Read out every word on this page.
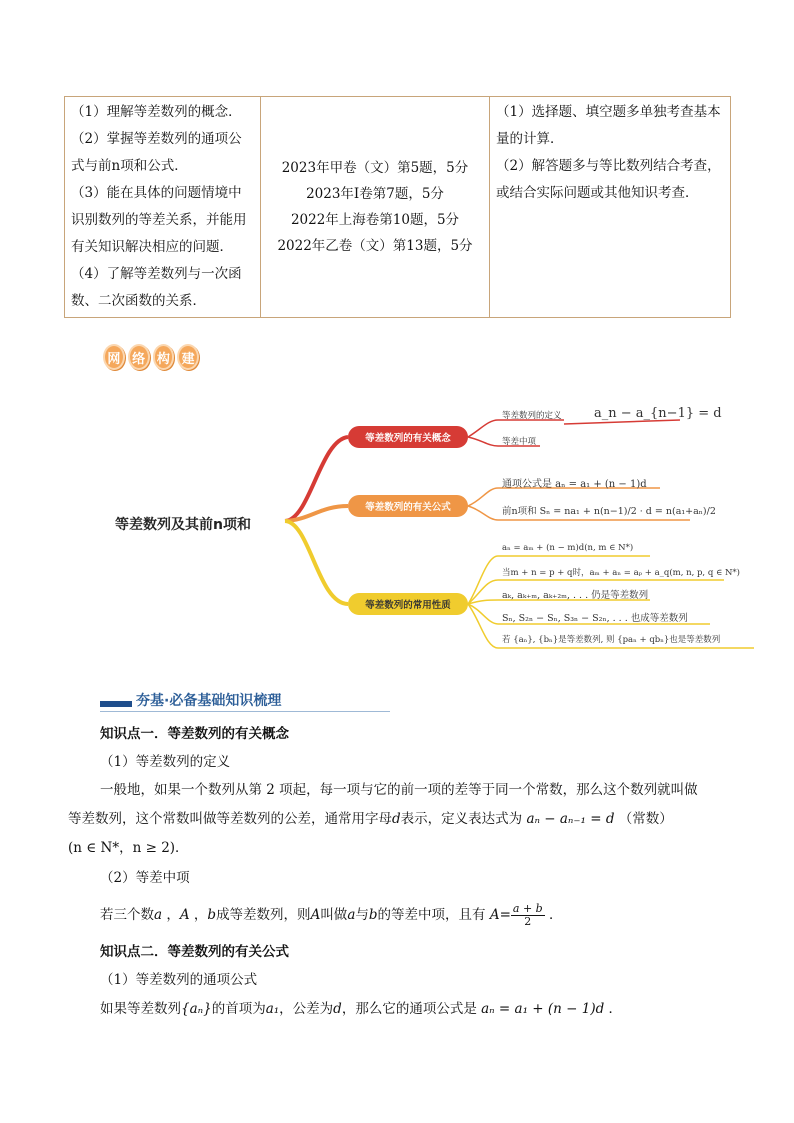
（1）理解等差数列的概念．
（2）掌握等差数列的通项公
式与前n项和公式．
（3）能在具体的问题情境中
识别数列的等差关系，并能用
有关知识解决相应的问题．
（4）了解等差数列与一次函
数、二次函数的关系．

2023年甲卷（文）第5题，5分
2023年Ⅰ卷第7题，5分
2022年上海卷第10题，5分
2022年乙卷（文）第13题，5分

（1）选择题、填空题多单独考查基本
量的计算．
（2）解答题多与等比数列结合考查，
或结合实际问题或其他知识考查．
网 络 构 建
等差数列及其前n项和
等差数列的有关概念
等差数列的有关公式
等差数列的常用性质
等差数列的定义 a_n − a_{n−1} = d
等差中项
通项公式是 aₙ = a₁ + (n − 1)d
前n项和 Sₙ = na₁ + n(n−1)/2 · d = n(a₁+aₙ)/2
aₙ = aₘ + (n − m)d(n, m ∈ N*)
当m + n = p + q时，aₘ + aₙ = aₚ + a_q(m, n, p, q ∈ N*)
aₖ, aₖ₊ₘ, aₖ₊₂ₘ, . . . 仍是等差数列
Sₙ, S₂ₙ − Sₙ, S₃ₙ − S₂ₙ, . . . 也成等差数列
若 {aₙ}, {bₙ}是等差数列, 则 {paₙ + qbₙ}也是等差数列
夯基·必备基础知识梳理
知识点一．等差数列的有关概念
（1）等差数列的定义
一般地，如果一个数列从第 2 项起，每一项与它的前一项的差等于同一个常数，那么这个数列就叫做
等差数列，这个常数叫做等差数列的公差，通常用字母d表示，定义表达式为 aₙ − aₙ₋₁ = d （常数）
(n ∈ N*，n ≥ 2)．
（2）等差中项
若三个数a ，A ，b成等差数列，则A叫做a与b的等差中项，且有 $A= \frac{a + b}{2}$ ．
知识点二．等差数列的有关公式
（1）等差数列的通项公式
如果等差数列{aₙ}的首项为a₁，公差为d，那么它的通项公式是 aₙ = a₁ + (n − 1)d ．
